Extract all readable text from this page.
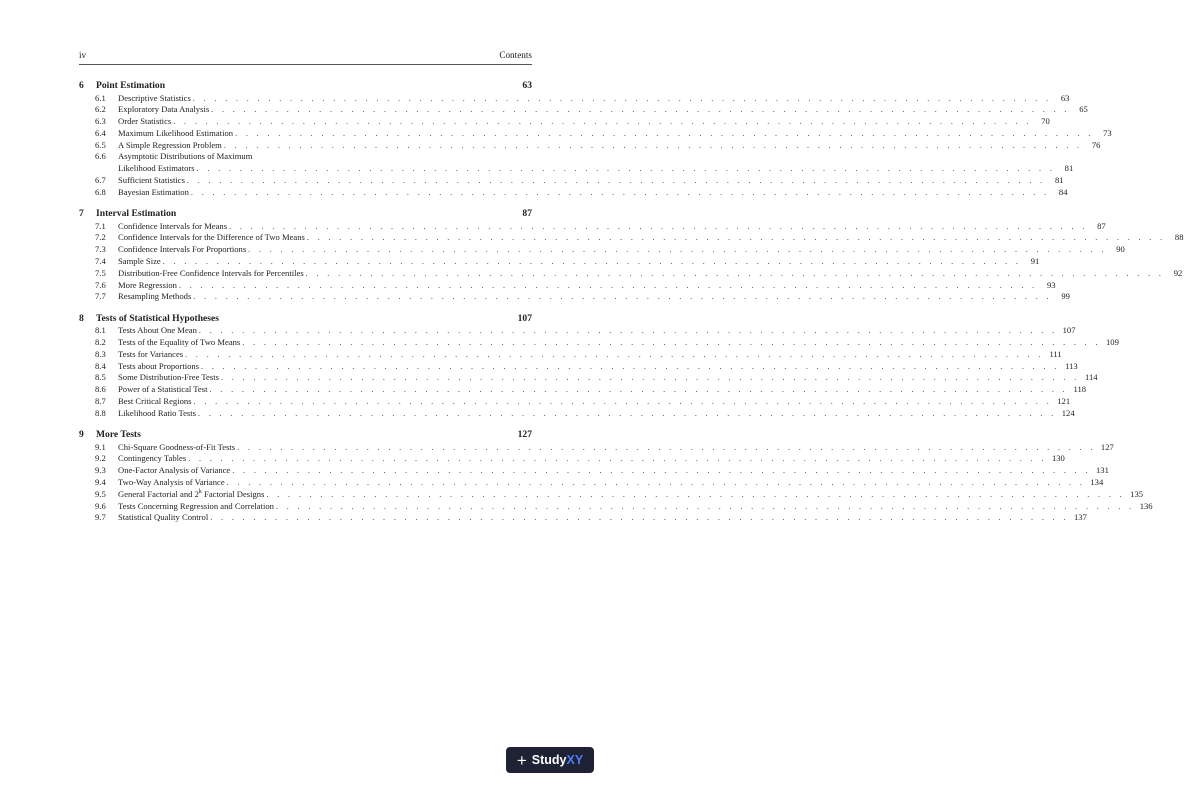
iv	Contents
6	Point Estimation	63
6.1	Descriptive Statistics . . . . . . . . . . . . . . . . . . . . . . . . . . . . . . . . . . . . . . . . . . . . . . . . . . . . . . . . . . . . . . . . . . . . . . . . . . . . . . . .	63
6.2	Exploratory Data Analysis . . . . . . . . . . . . . . . . . . . . . . . . . . . . . . . . . . . . . . . . . . . . . . . . . . . . . . . . . . . . . . . . . . . . . . . . . . . . . . . .	65
6.3	Order Statistics . . . . . . . . . . . . . . . . . . . . . . . . . . . . . . . . . . . . . . . . . . . . . . . . . . . . . . . . . . . . . . . . . . . . . . . . . . . . . . . .	70
6.4	Maximum Likelihood Estimation . . . . . . . . . . . . . . . . . . . . . . . . . . . . . . . . . . . . . . . . . . . . . . . . . . . . . . . . . . . . . . . . . . . . . . . . . . . . . . . .	73
6.5	A Simple Regression Problem . . . . . . . . . . . . . . . . . . . . . . . . . . . . . . . . . . . . . . . . . . . . . . . . . . . . . . . . . . . . . . . . . . . . . . . . . . . . . . . .	76
6.6	Asymptotic Distributions of Maximum
Likelihood Estimators . . . . . . . . . . . . . . . . . . . . . . . . . . . . . . . . . . . . . . . . . . . . . . . . . . . . . . . . . . . . . . . . . . . . . . . . . . . . . . . .	81
6.7	Sufficient Statistics . . . . . . . . . . . . . . . . . . . . . . . . . . . . . . . . . . . . . . . . . . . . . . . . . . . . . . . . . . . . . . . . . . . . . . . . . . . . . . . .	81
6.8	Bayesian Estimation . . . . . . . . . . . . . . . . . . . . . . . . . . . . . . . . . . . . . . . . . . . . . . . . . . . . . . . . . . . . . . . . . . . . . . . . . . . . . . . .	84
7	Interval Estimation	87
7.1	Confidence Intervals for Means . . . . . . . . . . . . . . . . . . . . . . . . . . . . . . . . . . . . . . . . . . . . . . . . . . . . . . . . . . . . . . . . . . . . . . . . . . . . . . . .	87
7.2	Confidence Intervals for the Difference of Two Means . . . . . . . . . . . . . . . . . . . . . . . . . . . . . . . . . . . . . . . . . . . . . . . . . . . . . . . . . . . . . . . . . . . . . . . . . . . . . . . .	88
7.3	Confidence Intervals For Proportions . . . . . . . . . . . . . . . . . . . . . . . . . . . . . . . . . . . . . . . . . . . . . . . . . . . . . . . . . . . . . . . . . . . . . . . . . . . . . . . .	90
7.4	Sample Size . . . . . . . . . . . . . . . . . . . . . . . . . . . . . . . . . . . . . . . . . . . . . . . . . . . . . . . . . . . . . . . . . . . . . . . . . . . . . . . .	91
7.5	Distribution-Free Confidence Intervals for Percentiles . . . . . . . . . . . . . . . . . . . . . . . . . . . . . . . . . . . . . . . . . . . . . . . . . . . . . . . . . . . . . . . . . . . . . . . . . . . . . . . .	92
7.6	More Regression . . . . . . . . . . . . . . . . . . . . . . . . . . . . . . . . . . . . . . . . . . . . . . . . . . . . . . . . . . . . . . . . . . . . . . . . . . . . . . . .	93
7.7	Resampling Methods . . . . . . . . . . . . . . . . . . . . . . . . . . . . . . . . . . . . . . . . . . . . . . . . . . . . . . . . . . . . . . . . . . . . . . . . . . . . . . . .	99
8	Tests of Statistical Hypotheses	107
8.1	Tests About One Mean . . . . . . . . . . . . . . . . . . . . . . . . . . . . . . . . . . . . . . . . . . . . . . . . . . . . . . . . . . . . . . . . . . . . . . . . . . . . . . . . 107
8.2	Tests of the Equality of Two Means . . . . . . . . . . . . . . . . . . . . . . . . . . . . . . . . . . . . . . . . . . . . . . . . . . . . . . . . . . . . . . . . . . . . . . . . . . . . . . . . 109
8.3	Tests for Variances . . . . . . . . . . . . . . . . . . . . . . . . . . . . . . . . . . . . . . . . . . . . . . . . . . . . . . . . . . . . . . . . . . . . . . . . . . . . . . . . 111
8.4	Tests about Proportions . . . . . . . . . . . . . . . . . . . . . . . . . . . . . . . . . . . . . . . . . . . . . . . . . . . . . . . . . . . . . . . . . . . . . . . . . . . . . . . . 113
8.5	Some Distribution-Free Tests . . . . . . . . . . . . . . . . . . . . . . . . . . . . . . . . . . . . . . . . . . . . . . . . . . . . . . . . . . . . . . . . . . . . . . . . . . . . . . . . 114
8.6	Power of a Statistical Test . . . . . . . . . . . . . . . . . . . . . . . . . . . . . . . . . . . . . . . . . . . . . . . . . . . . . . . . . . . . . . . . . . . . . . . . . . . . . . . . 118
8.7	Best Critical Regions . . . . . . . . . . . . . . . . . . . . . . . . . . . . . . . . . . . . . . . . . . . . . . . . . . . . . . . . . . . . . . . . . . . . . . . . . . . . . . . . 121
8.8	Likelihood Ratio Tests . . . . . . . . . . . . . . . . . . . . . . . . . . . . . . . . . . . . . . . . . . . . . . . . . . . . . . . . . . . . . . . . . . . . . . . . . . . . . . . . 124
9	More Tests	127
9.1	Chi-Square Goodness-of-Fit Tests . . . . . . . . . . . . . . . . . . . . . . . . . . . . . . . . . . . . . . . . . . . . . . . . . . . . . . . . . . . . . . . . . . . . . . . . . . . . . . . . 127
9.2	Contingency Tables . . . . . . . . . . . . . . . . . . . . . . . . . . . . . . . . . . . . . . . . . . . . . . . . . . . . . . . . . . . . . . . . . . . . . . . . . . . . . . . . 130
9.3	One-Factor Analysis of Variance . . . . . . . . . . . . . . . . . . . . . . . . . . . . . . . . . . . . . . . . . . . . . . . . . . . . . . . . . . . . . . . . . . . . . . . . . . . . . . . . 131
9.4	Two-Way Analysis of Variance . . . . . . . . . . . . . . . . . . . . . . . . . . . . . . . . . . . . . . . . . . . . . . . . . . . . . . . . . . . . . . . . . . . . . . . . . . . . . . . . 134
9.5	General Factorial and 2$^k$ Factorial Designs . . . . . . . . . . . . . . . . . . . . . . . . . . . . . . . . . . . . . . . . . . . . . . . . . . . . . . . . . . . . . . . . . . . . . . . . . . . . . . . . 135
9.6	Tests Concerning Regression and Correlation . . . . . . . . . . . . . . . . . . . . . . . . . . . . . . . . . . . . . . . . . . . . . . . . . . . . . . . . . . . . . . . . . . . . . . . . . . . . . . . . 136
9.7	Statistical Quality Control . . . . . . . . . . . . . . . . . . . . . . . . . . . . . . . . . . . . . . . . . . . . . . . . . . . . . . . . . . . . . . . . . . . . . . . . . . . . . . . . 137
+ Study XY
